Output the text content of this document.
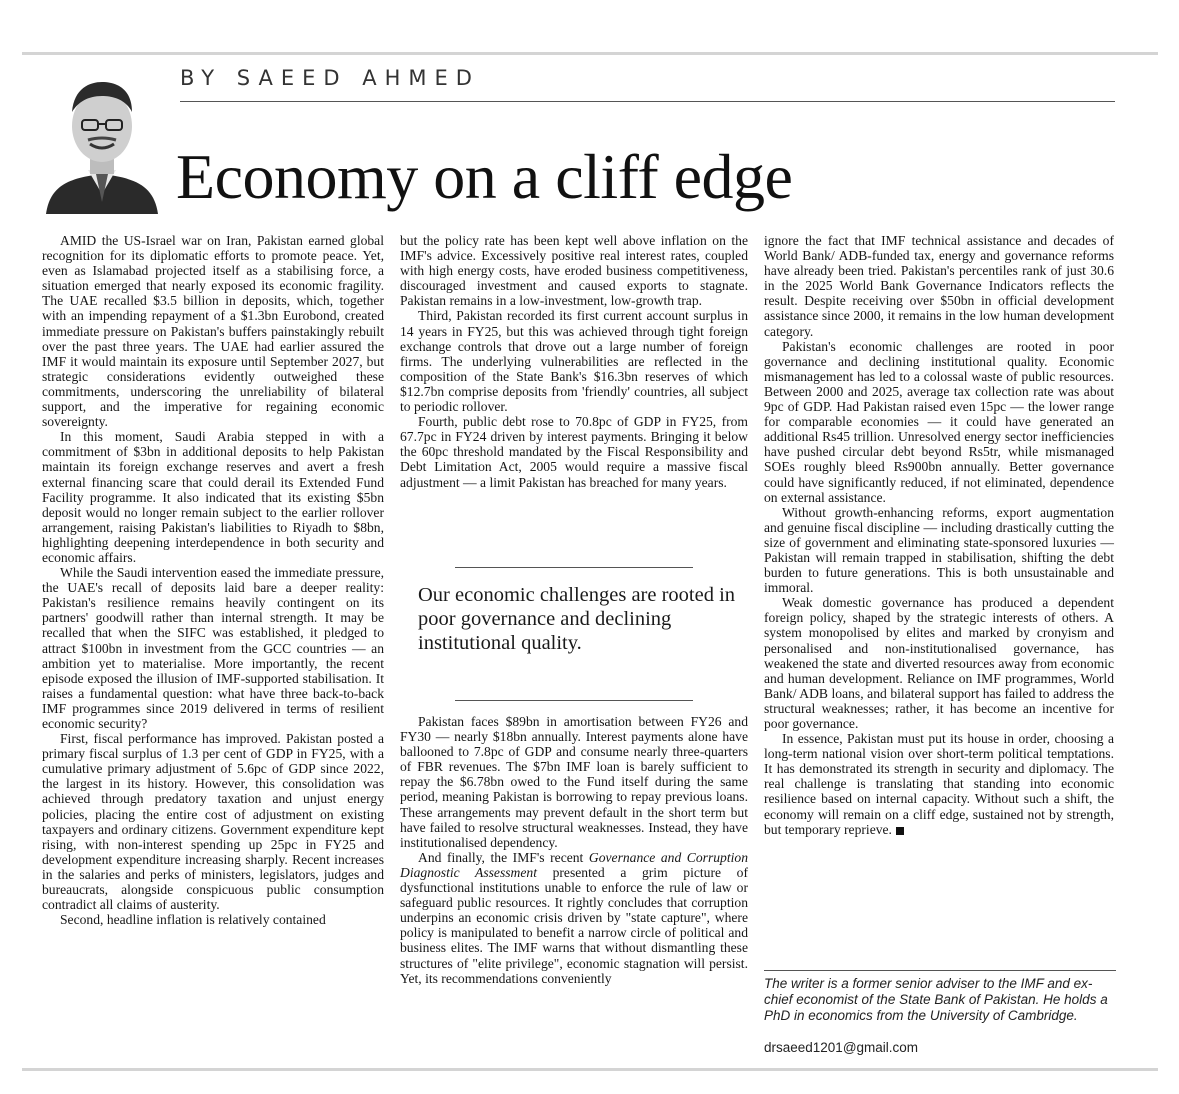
BY SAEED AHMED
Economy on a cliff edge

AMID the US-Israel war on Iran, Pakistan earned global recognition for its diplomatic efforts to promote peace. Yet, even as Islamabad projected itself as a stabilising force, a situation emerged that nearly exposed its economic fragility. The UAE recalled $3.5 billion in deposits, which, together with an impending repayment of a $1.3bn Eurobond, created immediate pressure on Pakistan's buffers painstakingly rebuilt over the past three years. The UAE had earlier assured the IMF it would maintain its exposure until September 2027, but strategic considerations evidently outweighed these commitments, underscoring the unreliability of bilateral support, and the imperative for regaining economic sovereignty.

In this moment, Saudi Arabia stepped in with a commitment of $3bn in additional deposits to help Pakistan maintain its foreign exchange reserves and avert a fresh external financing scare that could derail its Extended Fund Facility programme. It also indicated that its existing $5bn deposit would no longer remain subject to the earlier rollover arrangement, raising Pakistan's liabilities to Riyadh to $8bn, highlighting deepening interdependence in both security and economic affairs.

While the Saudi intervention eased the immediate pressure, the UAE's recall of deposits laid bare a deeper reality: Pakistan's resilience remains heavily contingent on its partners' goodwill rather than internal strength. It may be recalled that when the SIFC was established, it pledged to attract $100bn in investment from the GCC countries — an ambition yet to materialise. More importantly, the recent episode exposed the illusion of IMF-supported stabilisation. It raises a fundamental question: what have three back-to-back IMF programmes since 2019 delivered in terms of resilient economic security?

First, fiscal performance has improved. Pakistan posted a primary fiscal surplus of 1.3 per cent of GDP in FY25, with a cumulative primary adjustment of 5.6pc of GDP since 2022, the largest in its history. However, this consolidation was achieved through predatory taxation and unjust energy policies, placing the entire cost of adjustment on existing taxpayers and ordinary citizens. Government expenditure kept rising, with non-interest spending up 25pc in FY25 and development expenditure increasing sharply. Recent increases in the salaries and perks of ministers, legislators, judges and bureaucrats, alongside conspicuous public consumption contradict all claims of austerity.

Second, headline inflation is relatively contained

but the policy rate has been kept well above inflation on the IMF's advice. Excessively positive real interest rates, coupled with high energy costs, have eroded business competitiveness, discouraged investment and caused exports to stagnate. Pakistan remains in a low-investment, low-growth trap.

Third, Pakistan recorded its first current account surplus in 14 years in FY25, but this was achieved through tight foreign exchange controls that drove out a large number of foreign firms. The underlying vulnerabilities are reflected in the composition of the State Bank's $16.3bn reserves of which $12.7bn comprise deposits from 'friendly' countries, all subject to periodic rollover.

Fourth, public debt rose to 70.8pc of GDP in FY25, from 67.7pc in FY24 driven by interest payments. Bringing it below the 60pc threshold mandated by the Fiscal Responsibility and Debt Limitation Act, 2005 would require a massive fiscal adjustment — a limit Pakistan has breached for many years.

Our economic challenges are rooted in poor governance and declining institutional quality.

Pakistan faces $89bn in amortisation between FY26 and FY30 — nearly $18bn annually. Interest payments alone have ballooned to 7.8pc of GDP and consume nearly three-quarters of FBR revenues. The $7bn IMF loan is barely sufficient to repay the $6.78bn owed to the Fund itself during the same period, meaning Pakistan is borrowing to repay previous loans. These arrangements may prevent default in the short term but have failed to resolve structural weaknesses. Instead, they have institutionalised dependency.

And finally, the IMF's recent Governance and Corruption Diagnostic Assessment presented a grim picture of dysfunctional institutions unable to enforce the rule of law or safeguard public resources. It rightly concludes that corruption underpins an economic crisis driven by "state capture", where policy is manipulated to benefit a narrow circle of political and business elites. The IMF warns that without dismantling these structures of "elite privilege", economic stagnation will persist. Yet, its recommendations conveniently

ignore the fact that IMF technical assistance and decades of World Bank/ ADB-funded tax, energy and governance reforms have already been tried. Pakistan's percentiles rank of just 30.6 in the 2025 World Bank Governance Indicators reflects the result. Despite receiving over $50bn in official development assistance since 2000, it remains in the low human development category.

Pakistan's economic challenges are rooted in poor governance and declining institutional quality. Economic mismanagement has led to a colossal waste of public resources. Between 2000 and 2025, average tax collection rate was about 9pc of GDP. Had Pakistan raised even 15pc — the lower range for comparable economies — it could have generated an additional Rs45 trillion. Unresolved energy sector inefficiencies have pushed circular debt beyond Rs5tr, while mismanaged SOEs roughly bleed Rs900bn annually. Better governance could have significantly reduced, if not eliminated, dependence on external assistance.

Without growth-enhancing reforms, export augmentation and genuine fiscal discipline — including drastically cutting the size of government and eliminating state-sponsored luxuries — Pakistan will remain trapped in stabilisation, shifting the debt burden to future generations. This is both unsustainable and immoral.

Weak domestic governance has produced a dependent foreign policy, shaped by the strategic interests of others. A system monopolised by elites and marked by cronyism and personalised and non-institutionalised governance, has weakened the state and diverted resources away from economic and human development. Reliance on IMF programmes, World Bank/ ADB loans, and bilateral support has failed to address the structural weaknesses; rather, it has become an incentive for poor governance.

In essence, Pakistan must put its house in order, choosing a long-term national vision over short-term political temptations. It has demonstrated its strength in security and diplomacy. The real challenge is translating that standing into economic resilience based on internal capacity. Without such a shift, the economy will remain on a cliff edge, sustained not by strength, but temporary reprieve.

The writer is a former senior adviser to the IMF and ex-chief economist of the State Bank of Pakistan. He holds a PhD in economics from the University of Cambridge.
drsaeed1201@gmail.com
